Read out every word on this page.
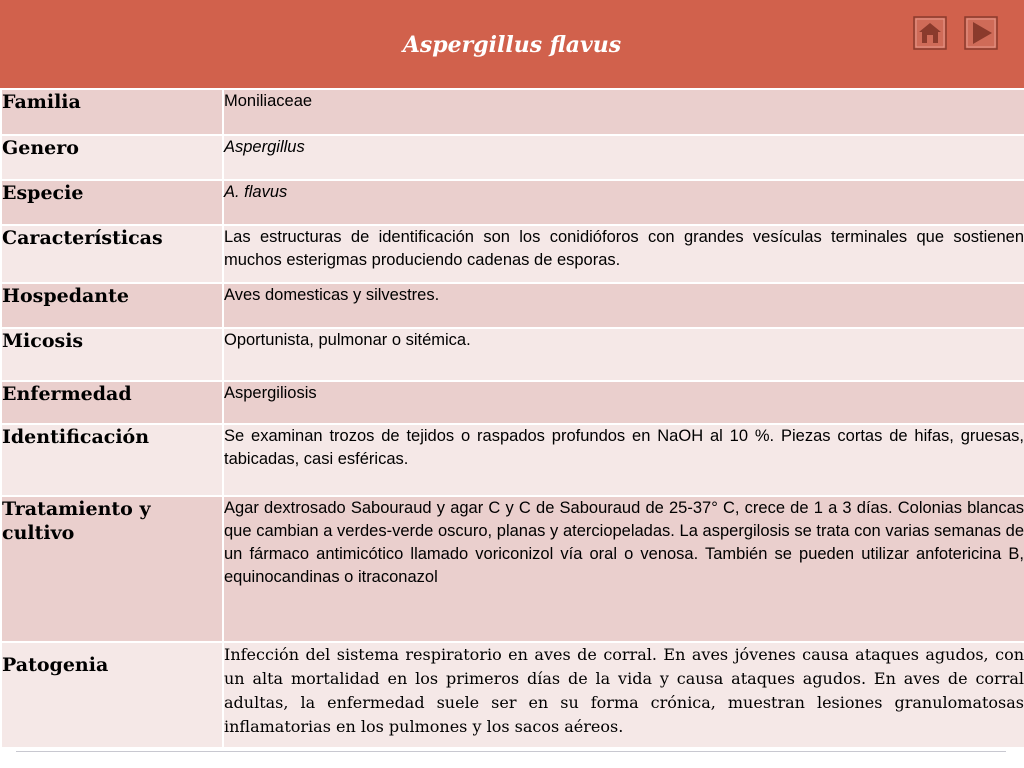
Aspergillus flavus
Familia	Moniliaceae
Genero	Aspergillus
Especie	A. flavus
Características	Las estructuras de identificación son los conidióforos con grandes vesículas terminales que sostienen muchos esterigmas produciendo cadenas de esporas.
Hospedante	Aves domesticas y silvestres.
Micosis	Oportunista, pulmonar o sitémica.
Enfermedad	Aspergiliosis
Identificación	Se examinan trozos de tejidos o raspados profundos en NaOH al 10 %. Piezas cortas de hifas, gruesas, tabicadas, casi esféricas.
Tratamiento y cultivo	Agar dextrosado Sabouraud y agar C y C de Sabouraud de 25-37° C, crece de 1 a 3 días. Colonias blancas que cambian a verdes-verde oscuro, planas y aterciopeladas. La aspergilosis se trata con varias semanas de un fármaco antimicótico llamado voriconizol vía oral o venosa. También se pueden utilizar anfotericina B, equinocandinas o itraconazol
Patogenia	Infección del sistema respiratorio en aves de corral. En aves jóvenes causa ataques agudos, con un alta mortalidad en los primeros días de la vida y causa ataques agudos. En aves de corral adultas, la enfermedad suele ser en su forma crónica, muestran lesiones granulomatosas inflamatorias en los pulmones y los sacos aéreos.
